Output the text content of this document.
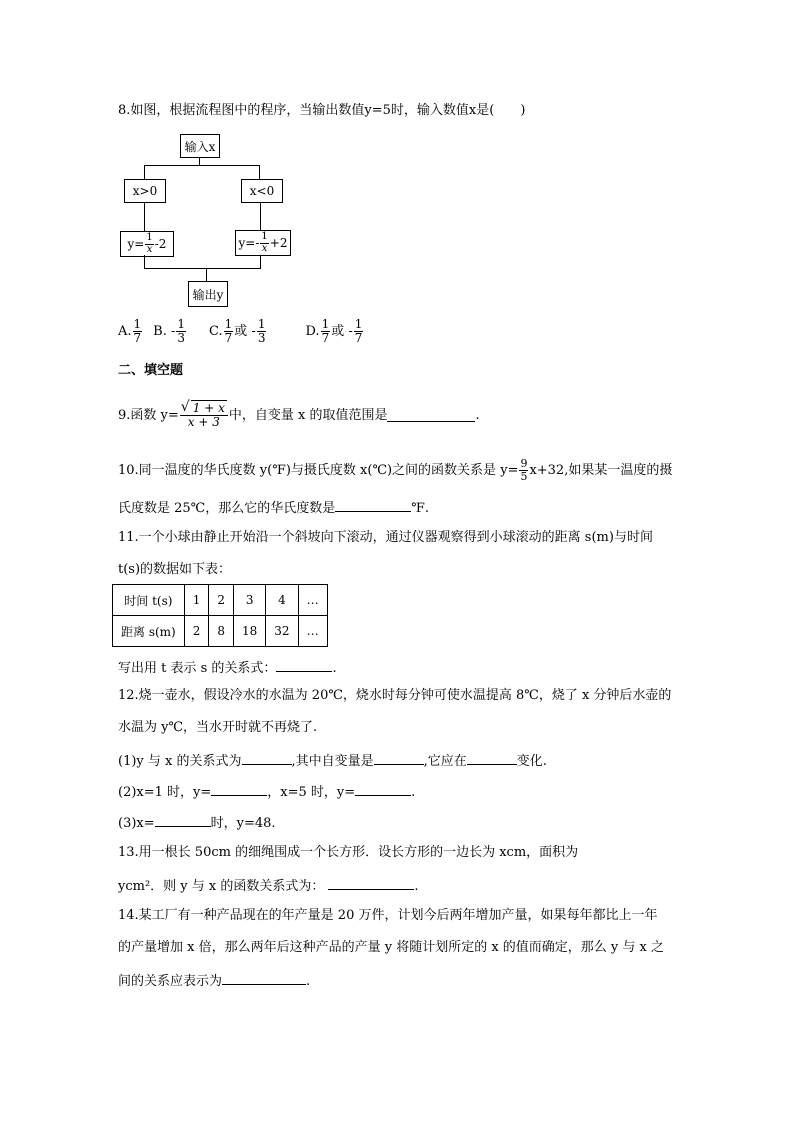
8.如图，根据流程图中的程序，当输出数值y=5时，输入数值x是(　　)
输入x
x>0	x<0
$y= \frac{1}{x} -2$	$y=- \frac{1}{x} +2$
输出y
A. $\frac{1}{7} B$. - $\frac{1}{3} C$. $\frac{1}{7}$ 或 - $\frac{1}{3}$	D. $\frac{1}{7}$ 或 - $\frac{1}{7}$
二、填空题
9.函数 $y= \frac{√ 1 + x}{x + 3}$ 中，自变量 x 的取值范围是	.
10.同一温度的华氏度数 y(℉)与摄氏度数 x(℃)之间的函数关系是 $y= \frac{9}{5} x+32$,如果某一温度的摄
氏度数是 25℃，那么它的华氏度数是	℉.
11.一个小球由静止开始沿一个斜坡向下滚动，通过仪器观察得到小球滚动的距离 s(m)与时间
t(s)的数据如下表：
时间 t(s)	1	2	3	4	…
距离 s(m)	2	8	18	32	…
写出用 t 表示 s 的关系式：	.
12.烧一壶水，假设冷水的水温为 20℃，烧水时每分钟可使水温提高 8℃，烧了 x 分钟后水壶的
水温为 y℃，当水开时就不再烧了.
(1)y 与 x 的关系式为	,其中自变量是	,它应在	变化.
(2)x=1 时，y=	，x=5 时，y=	.
(3)x=	时，y=48.
13.用一根长 50cm 的细绳围成一个长方形．设长方形的一边长为 xcm，面积为
ycm²．则 y 与 x 的函数关系式为：	.
14.某工厂有一种产品现在的年产量是 20 万件，计划今后两年增加产量，如果每年都比上一年
的产量增加 x 倍，那么两年后这种产品的产量 y 将随计划所定的 x 的值而确定，那么 y 与 x 之
间的关系应表示为	.
